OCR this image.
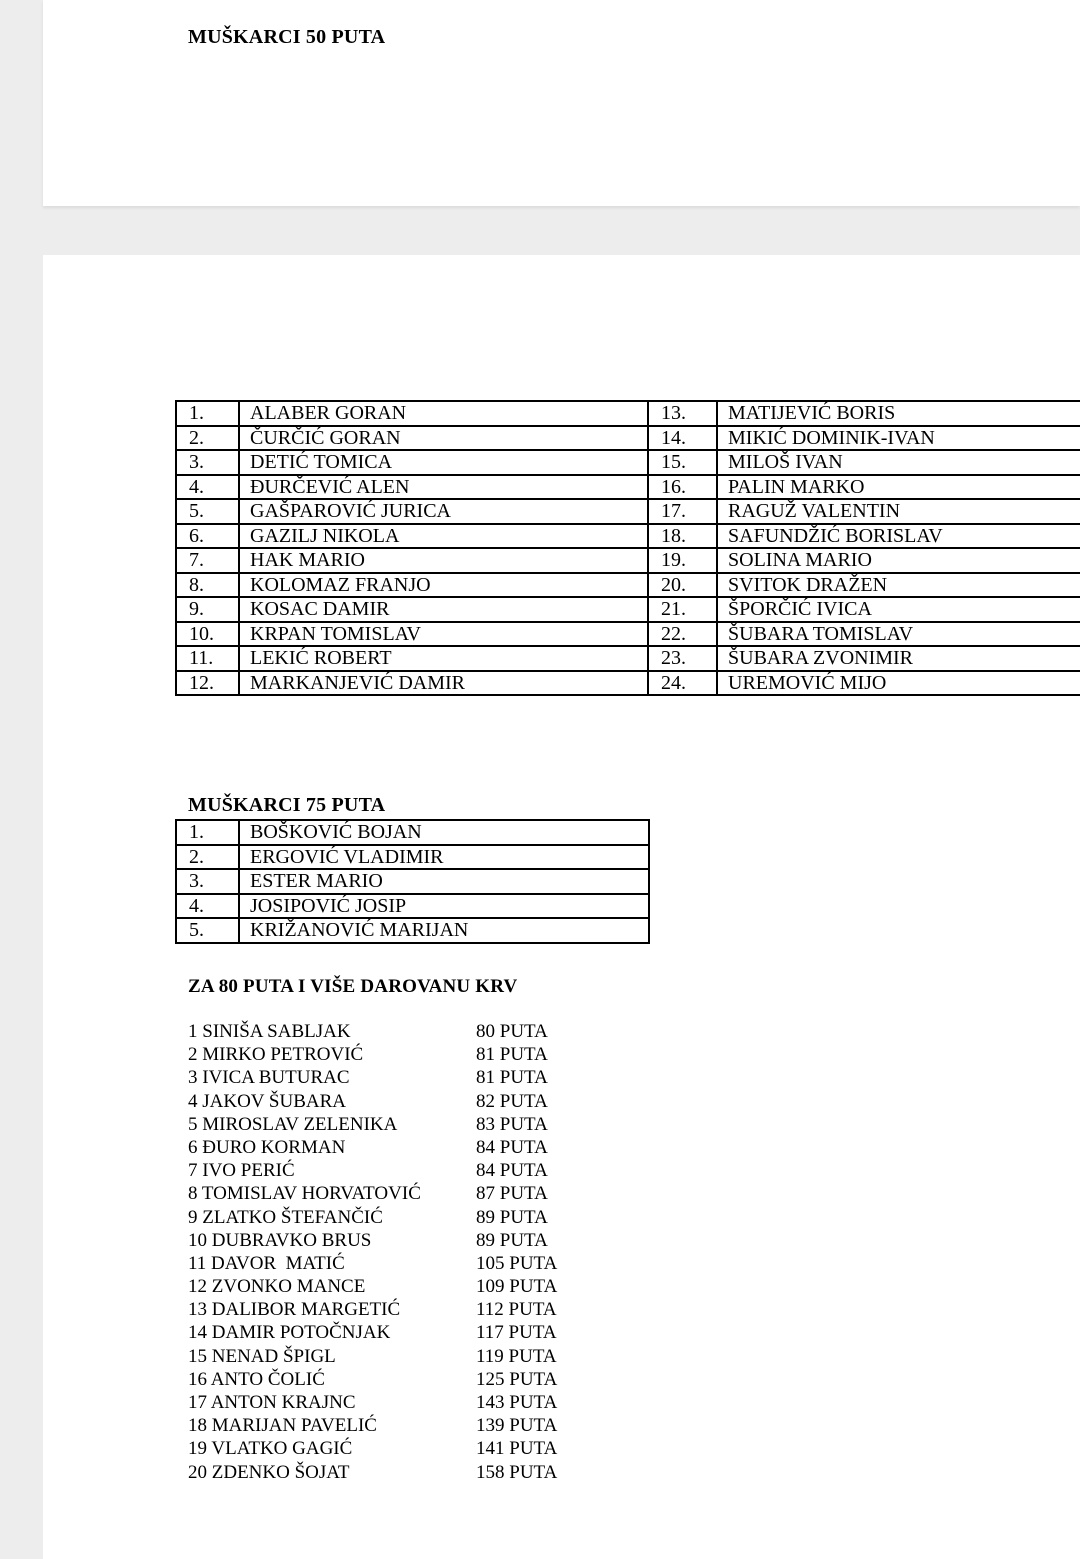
MUŠKARCI 50 PUTA
1.	ALABER GORAN	13.	MATIJEVIĆ BORIS
2.	ČURČIĆ GORAN	14.	MIKIĆ DOMINIK-IVAN
3.	DETIĆ TOMICA	15.	MILOŠ IVAN
4.	ĐURČEVIĆ ALEN	16.	PALIN MARKO
5.	GAŠPAROVIĆ JURICA	17.	RAGUŽ VALENTIN
6.	GAZILJ NIKOLA	18.	SAFUNDŽIĆ BORISLAV
7.	HAK MARIO	19.	SOLINA MARIO
8.	KOLOMAZ FRANJO	20.	SVITOK DRAŽEN
9.	KOSAC DAMIR	21.	ŠPORČIĆ IVICA
10.	KRPAN TOMISLAV	22.	ŠUBARA TOMISLAV
11.	LEKIĆ ROBERT	23.	ŠUBARA ZVONIMIR
12.	MARKANJEVIĆ DAMIR	24.	UREMOVIĆ MIJO
MUŠKARCI 75 PUTA
1.	BOŠKOVIĆ BOJAN
2.	ERGOVIĆ VLADIMIR
3.	ESTER MARIO
4.	JOSIPOVIĆ JOSIP
5.	KRIŽANOVIĆ MARIJAN
ZA 80 PUTA I VIŠE DAROVANU KRV
1 SINIŠA SABLJAK	80 PUTA
2 MIRKO PETROVIĆ	81 PUTA
3 IVICA BUTURAC	81 PUTA
4 JAKOV ŠUBARA	82 PUTA
5 MIROSLAV ZELENIKA	83 PUTA
6 ĐURO KORMAN	84 PUTA
7 IVO PERIĆ	84 PUTA
8 TOMISLAV HORVATOVIĆ	87 PUTA
9 ZLATKO ŠTEFANČIĆ	89 PUTA
10 DUBRAVKO BRUS	89 PUTA
11 DAVOR  MATIĆ	105 PUTA
12 ZVONKO MANCE	109 PUTA
13 DALIBOR MARGETIĆ	112 PUTA
14 DAMIR POTOČNJAK	117 PUTA
15 NENAD ŠPIGL	119 PUTA
16 ANTO ČOLIĆ	125 PUTA
17 ANTON KRAJNC	143 PUTA
18 MARIJAN PAVELIĆ	139 PUTA
19 VLATKO GAGIĆ	141 PUTA
20 ZDENKO ŠOJAT	158 PUTA
